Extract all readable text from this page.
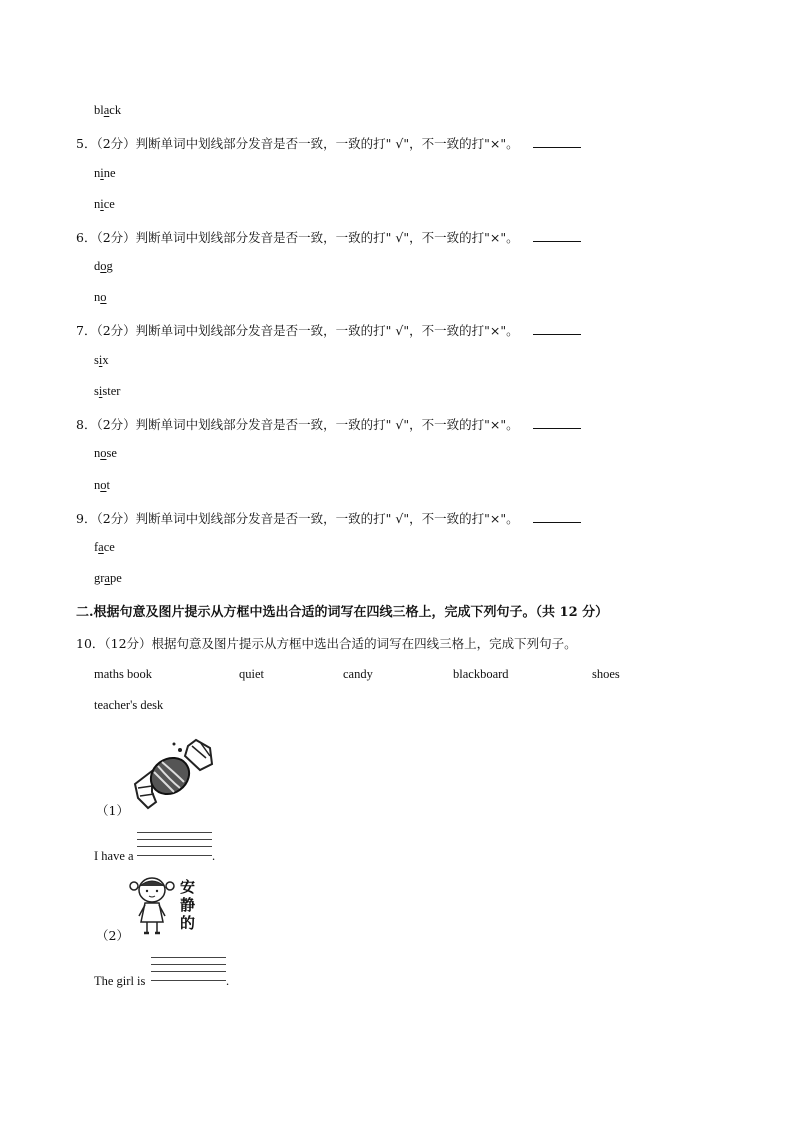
black
5．（2分）判断单词中划线部分发音是否一致，一致的打" √"，不一致的打"×"。
nine
nice
6．（2分）判断单词中划线部分发音是否一致，一致的打" √"，不一致的打"×"。
dog
no
7．（2分）判断单词中划线部分发音是否一致，一致的打" √"，不一致的打"×"。
six
sister
8．（2分）判断单词中划线部分发音是否一致，一致的打" √"，不一致的打"×"。
nose
not
9．（2分）判断单词中划线部分发音是否一致，一致的打" √"，不一致的打"×"。
face
grape
二.根据句意及图片提示从方框中选出合适的词写在四线三格上，完成下列句子。（共 12 分）
10．（12分）根据句意及图片提示从方框中选出合适的词写在四线三格上，完成下列句子。
maths book	quiet	candy	blackboard	shoes
teacher's desk
（1）
I have a	.
安
静
的
（2）
The girl is	.
